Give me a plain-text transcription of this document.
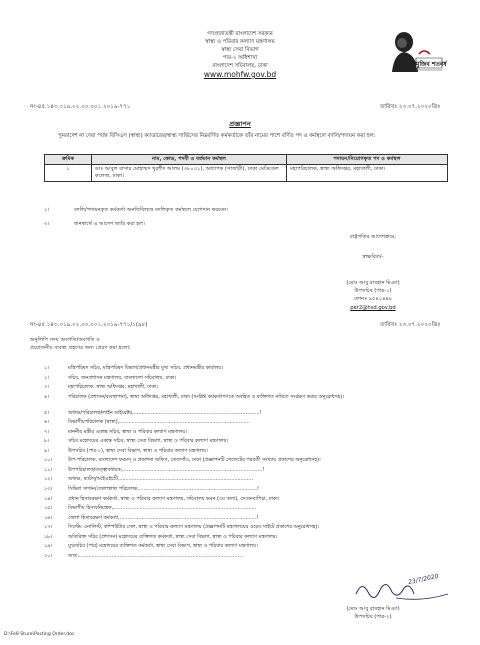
গণপ্রজাতন্ত্রী বাংলাদেশ সরকার
স্বাস্থ্য ও পরিবার কল্যাণ মন্ত্রণালয়
স্বাস্থ্য সেবা বিভাগ
পার-২ অধিশাখা
বাংলাদেশ সচিবালয়, ঢাকা
www.mohfw.gov.bd
মুজিব শতবর্ষ
নং-৪৫.১৪৩.০১৯.০২.০০.০০১.২০১৯-৭৭১	তারিখঃ ২৩.০৭.২০২০খ্রিঃ
প্রজ্ঞাপন
পুনরাদেশ না দেয়া পর্যন্ত বিসিএস (স্বাস্থ্য) ক্যাডারের/স্বাস্থ্য সার্ভিসের নিম্নবর্ণিত কর্মকর্তাকে তাঁর নামের পাশে বর্ণিত পদ ও কর্মস্থলে বদলি/পদায়ন করা হল:
ক্রমিক	নাম, কোড, পদবী ও বর্তমান কর্মস্থল	পদায়ন/নিয়োগকৃত পদ ও কর্মস্থল
১	ডাঃ আবুল বাসার মোহাম্মদ খুরশীদ আলম (৩৮০৩১), অধ্যাপক (সার্জারী), ঢাকা মেডিকেল কলেজ, ঢাকা।	মহাপরিচালক, স্বাস্থ্য অধিদপ্তর, মহাখালী, ঢাকা।
২।	বদলি/পদায়নকৃত কর্মকর্তা অনতিবিলম্বে বদলিকৃত কর্মস্থলে যোগদান করবেন।
৩।	জনস্বার্থে এ আদেশ জারি করা হল।
রাষ্ট্রপতির আদেশক্রমে,
স্বাক্ষরিত/-
(মোঃ আবু রায়হান মিঞা)
উপসচিব (পার-২)
ফোনঃ ৯৫৪০৪৪৮
per2@hsd.gov.bd
নং-৪৫.১৪৩.০১৯.০২.০০.০০১.২০১৯-৭৭১/১(৯৮)	তারিখঃ ২৩.০৭.২০২০খ্রিঃ
অনুলিপি সদয় অবগতি/অবগতি ও
প্রয়োজনীয় ব্যবস্থা গ্রহণের জন্য প্রেরণ করা হলো:
১।	মন্ত্রিপরিষদ সচিব, মন্ত্রিপরিষদ বিভাগ/প্রধানমন্ত্রীর মুখ্য সচিব, প্রধানমন্ত্রীর কার্যালয়।
২।	সচিব, জনপ্রশাসন মন্ত্রণালয়, বাংলাদেশ সচিবালয়, ঢাকা।
৩।	মহাপরিচালক, স্বাস্থ্য অধিদপ্তর, মহাখালী, ঢাকা।
৪।	পরিচালক (প্রশাসন/ব্যবস্থাপনা), স্বাস্থ্য অধিদপ্তর, মহাখালী, ঢাকা (সংশ্লিষ্ট কর্মকর্তাগণকে অবহিত ও ব্যক্তিগত নথিতে সংরক্ষণ করার অনুরোধসহ)।
৫।	অধ্যক্ষ/পরিচালক/লাইন ডাইরেক্টর,.................................................................................!
৬।	বিভাগীয়পরিচালক (স্বাস্থ্য),....................................................................................
৭।	মাননীয় মন্ত্রীর একান্ত সচিব, স্বাস্থ্য ও পরিবার কল্যাণ মন্ত্রণালয়।
৮।	সচিব মহোদয়ের একান্ত সচিব, স্বাস্থ্য সেবা বিভাগ, স্বাস্থ্য ও পরিবার কল্যাণ মন্ত্রণালয়।
৯।	উপসচিব (পার-১), স্বাস্থ্য সেবা বিভাগ, স্বাস্থ্য ও পরিবার কল্যাণ মন্ত্রণালয়।
১০।	উপ-পরিচালক, বাংলাদেশ ফরমস্ ও প্রকাশনা অফিস, তেজগাঁও, ঢাকা (প্রজ্ঞাপনটি গেজেটের পরবর্তী সংখ্যায় প্রকাশের অনুরোধসহ)।
১১।	উপপরিচালক/তত্ত্বাবধায়ক,..........................................................................................!
১২।	অধ্যক্ষ, ম্যাটস্/আইএইচটি,......................................................................................
১৩।	সিভিল সার্জন/জেলাস্থাস্থ্য পরিচালক,............................................................................!
১৪।	প্রধান হিসাবরক্ষণ কর্মকর্তা, স্বাস্থ্য ও পরিবার কল্যাণ মন্ত্রণালয়, সচিবালয় ভবন (৩য় তলা), সেগুনবাগিচা, ঢাকা।
১৫।	বিভাগীয় হিসাবনিয়ন্ত্রক,............................................................................................
১৬।	জেলা হিসাবরক্ষণ কর্মকর্তা,........................................................................................!
১৭।	সিস্টেম এনালিস্ট, কম্পিউটার সেল, স্বাস্থ্য ও পরিবার কল্যাণ মন্ত্রণালয় (প্রজ্ঞাপনটি মন্ত্রণালয়ের ওয়েব সাইটে প্রকাশের অনুরোধসহ)।
১৮।	অতিরিক্ত সচিব (প্রশাসন) মহোদয়ের ব্যক্তিগত কর্মকর্তা, স্বাস্থ্য সেবা বিভাগ, স্বাস্থ্য ও পরিবার কল্যাণ মন্ত্রণালয়।
১৯।	যুগ্মসচিব (পার) মহোদয়ের ব্যক্তিগত কর্মকর্তা, স্বাস্থ্য সেবা বিভাগ, স্বাস্থ্য ও পরিবার কল্যাণ মন্ত্রণালয়।
২০।	জাত...........................................................................................................
23/7/2020
(মোঃ আবু রায়হান মিঞা)
উপসচিব (পার-২)
D:\Fe8 Sture\Posting Order.doc
